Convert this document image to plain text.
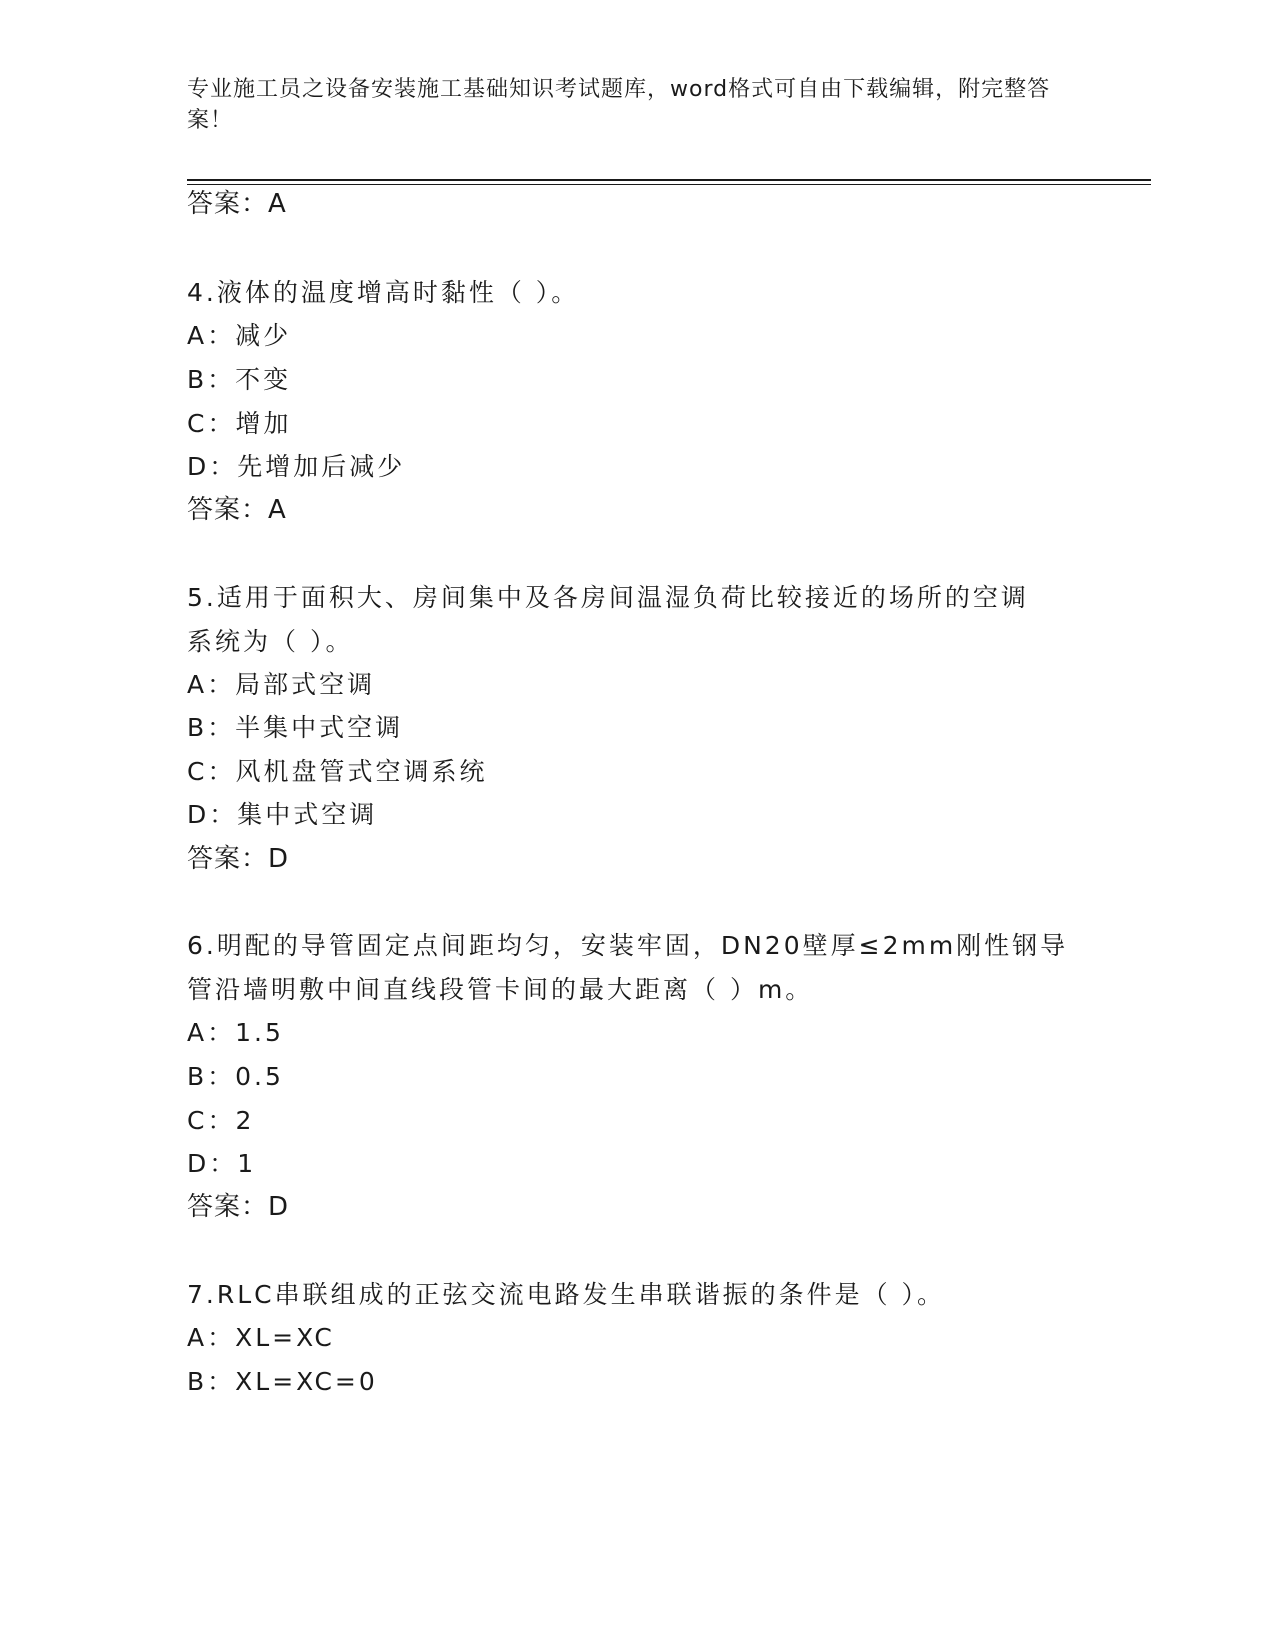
专业施工员之设备安装施工基础知识考试题库，word格式可自由下载编辑，附完整答案！
答案：A
4.液体的温度增高时黏性（ ）。
A：减少
B：不变
C：增加
D：先增加后减少
答案：A
5.适用于面积大、房间集中及各房间温湿负荷比较接近的场所的空调
系统为（ ）。
A：局部式空调
B：半集中式空调
C：风机盘管式空调系统
D：集中式空调
答案：D
6.明配的导管固定点间距均匀，安装牢固，DN20壁厚≤2mm刚性钢导
管沿墙明敷中间直线段管卡间的最大距离（ ）m。
A：1.5
B：0.5
C：2
D：1
答案：D
7.RLC串联组成的正弦交流电路发生串联谐振的条件是（ ）。
A：XL=XC
B：XL=XC=0
